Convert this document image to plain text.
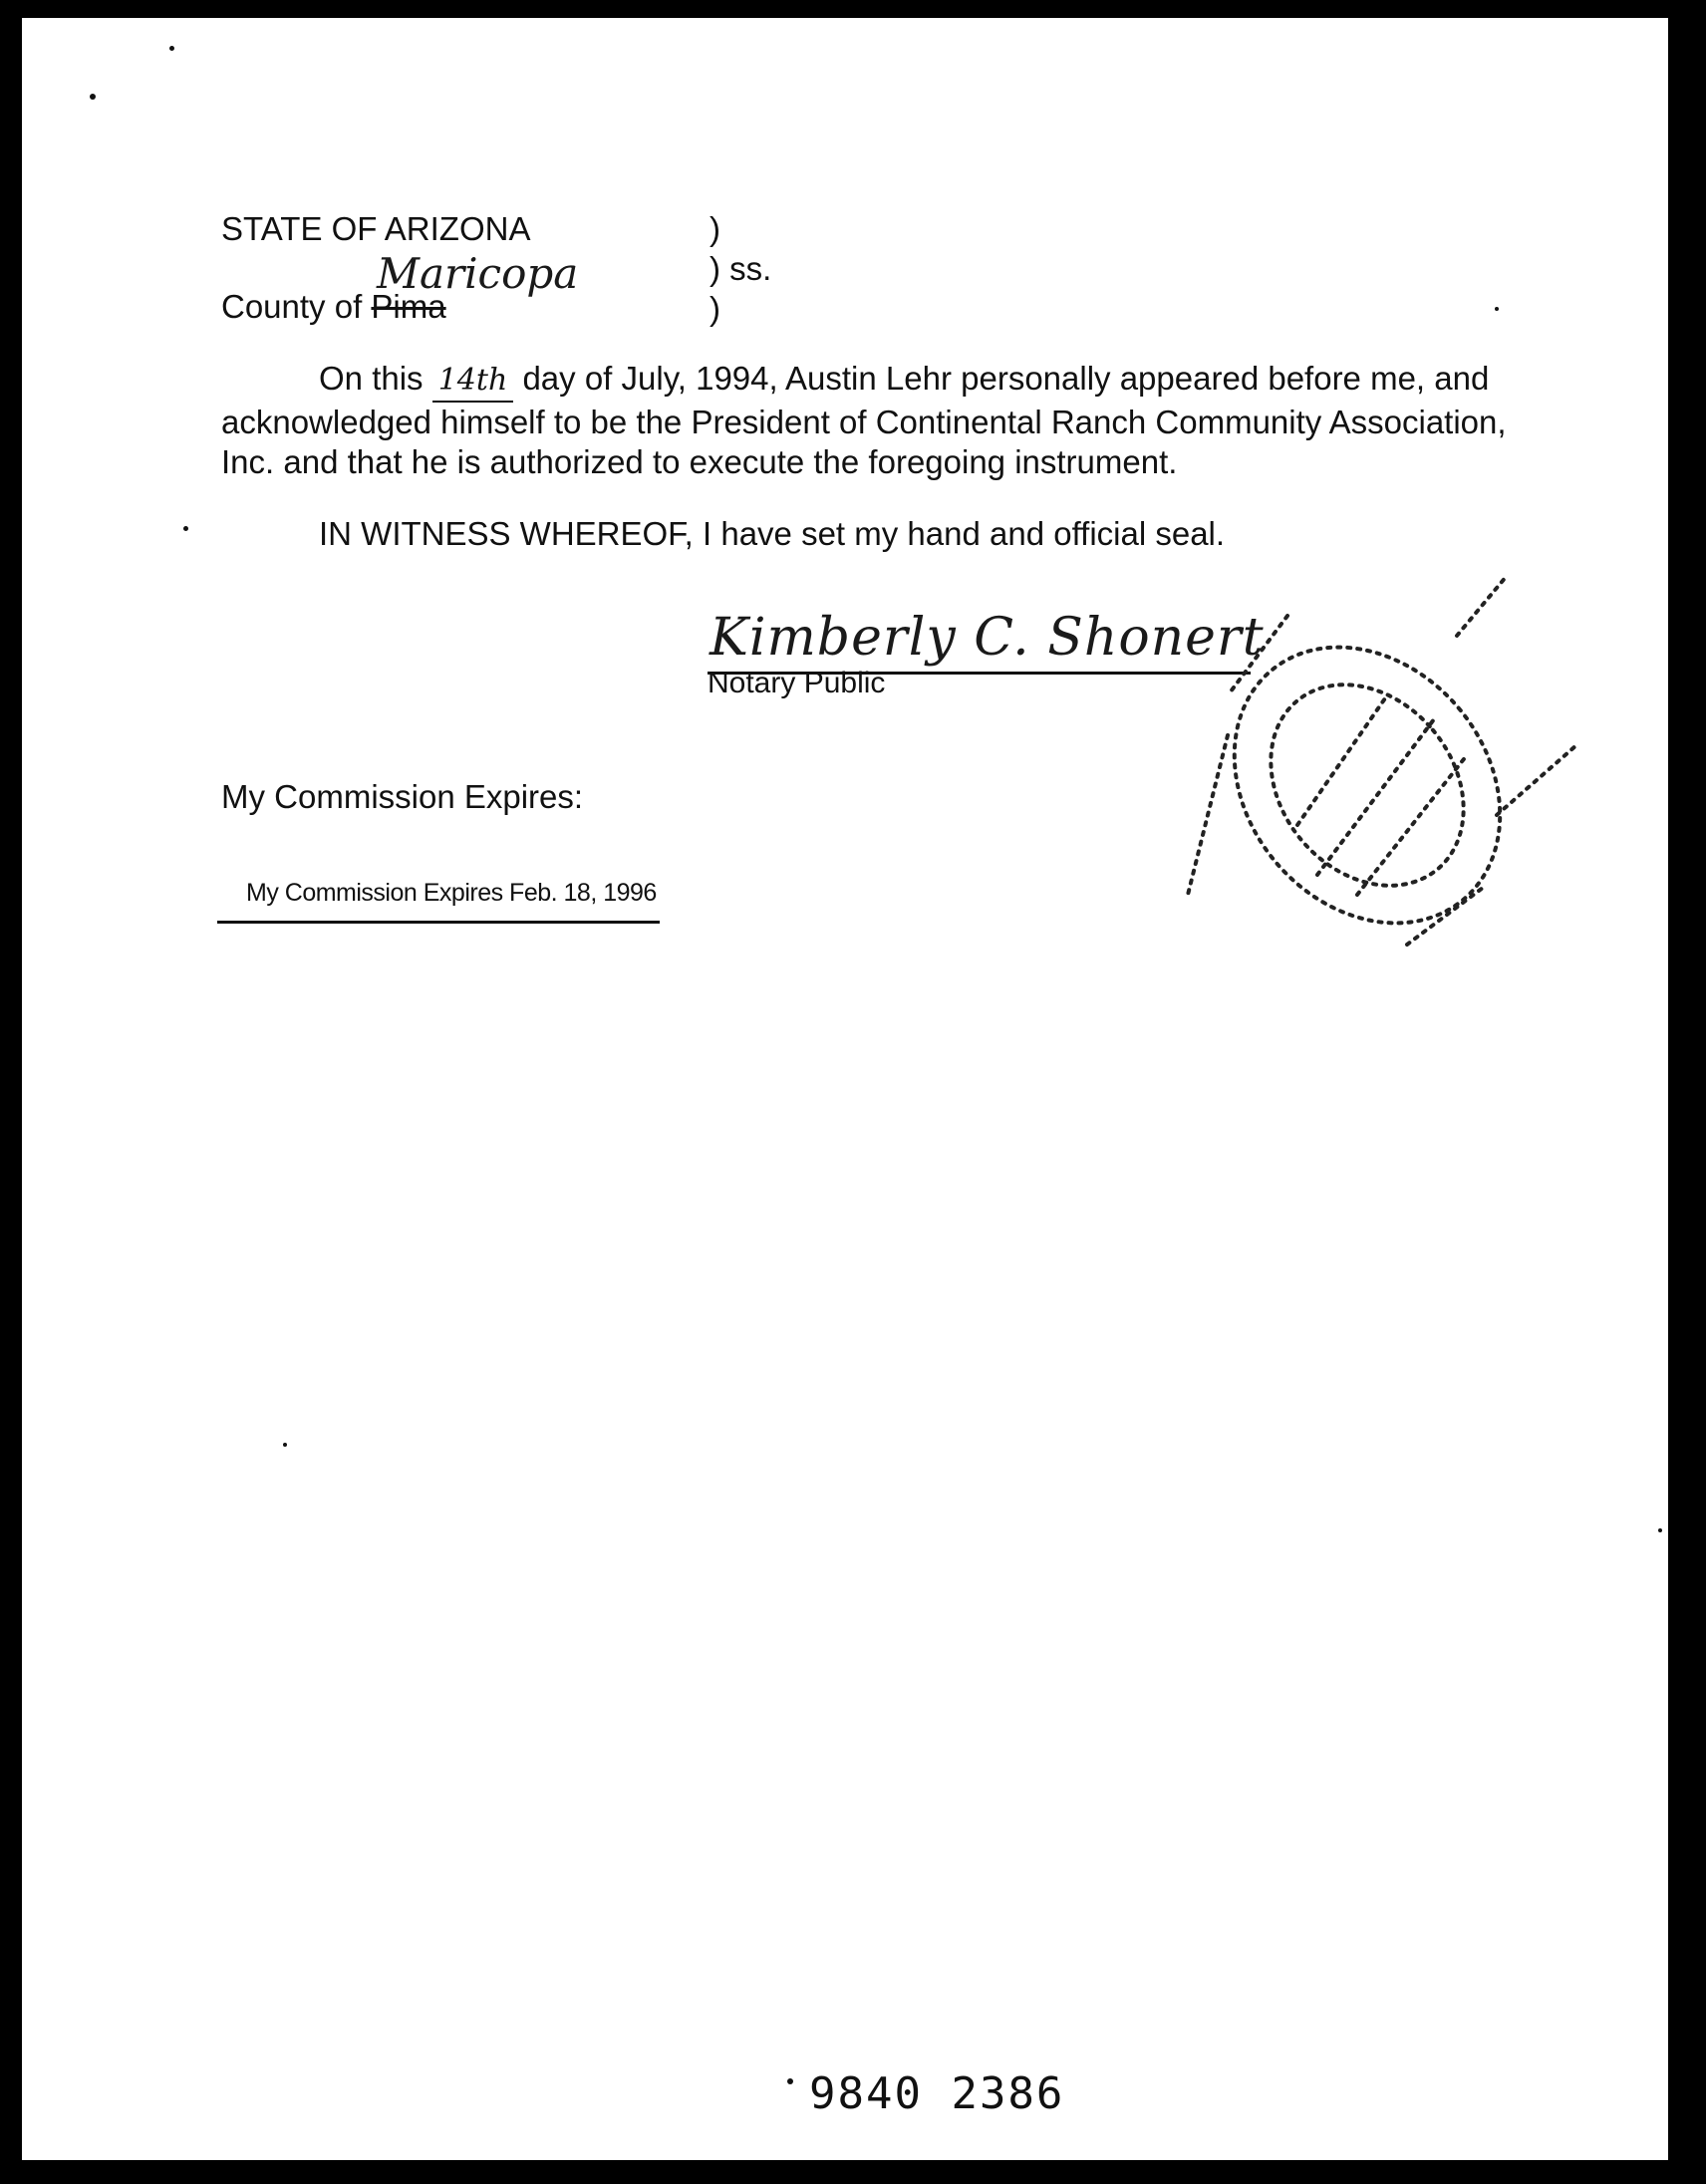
STATE OF ARIZONA	)
) ss.
)
County of Pima
Maricopa
On this 14th day of July, 1994, Austin Lehr personally appeared before me, and
acknowledged himself to be the President of Continental Ranch Community Association,
Inc. and that he is authorized to execute the foregoing instrument.
IN WITNESS WHEREOF, I have set my hand and official seal.
Kimberly C. Shonert
Notary Public
My Commission Expires:
My Commission Expires Feb. 18, 1996
9840 2386
